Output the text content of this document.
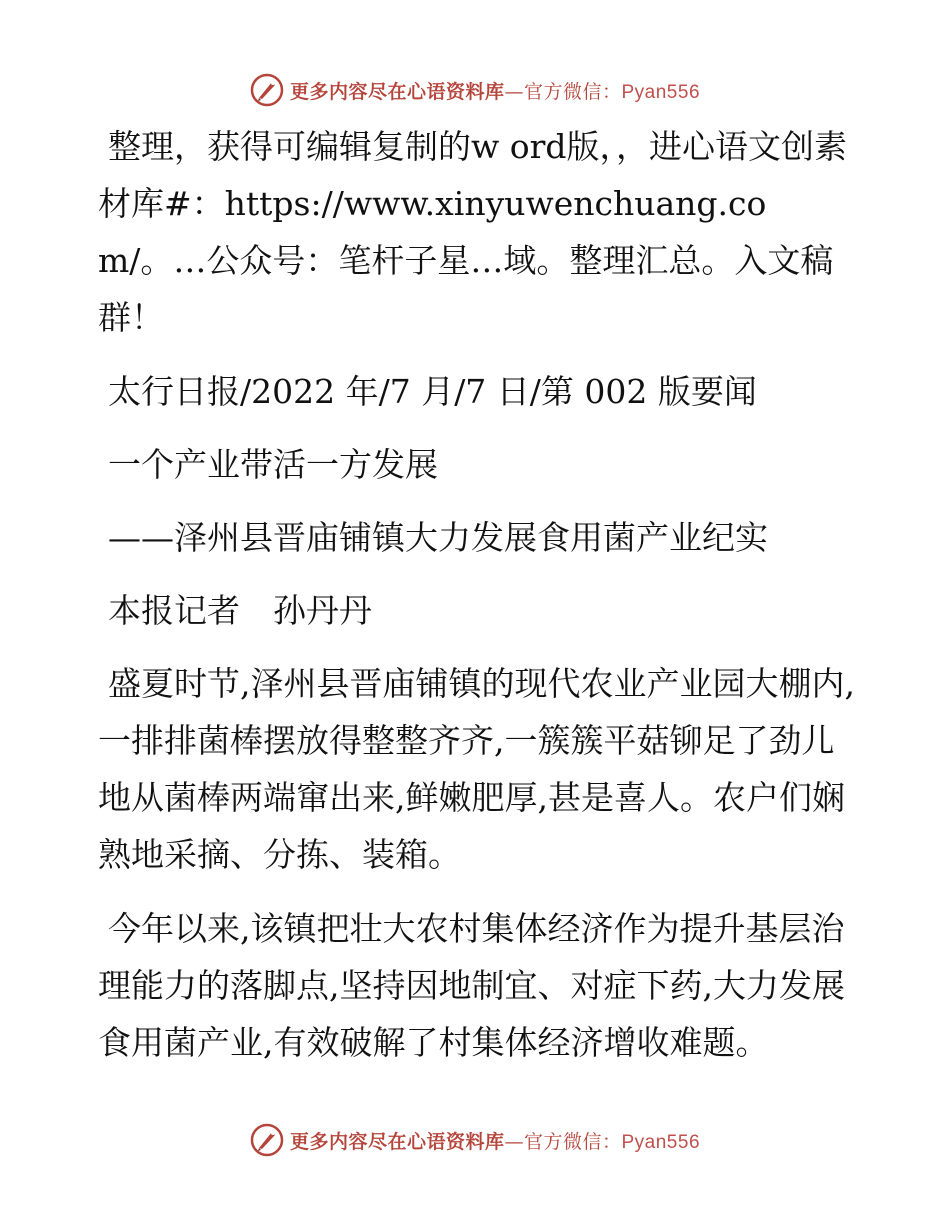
更多内容尽在心语资料库—官方微信：Pyan556

整理，获得可编辑复制的w ord版，，进心语文创素材库#：https://www.xinyuwenchuang.com/。…公众号：笔杆子星…域。整理汇总。入文稿群！

太行日报/2022 年/7 月/7 日/第 002 版要闻

一个产业带活一方发展

——泽州县晋庙铺镇大力发展食用菌产业纪实

本报记者　孙丹丹

盛夏时节,泽州县晋庙铺镇的现代农业产业园大棚内,一排排菌棒摆放得整整齐齐,一簇簇平菇铆足了劲儿地从菌棒两端窜出来,鲜嫩肥厚,甚是喜人。农户们娴熟地采摘、分拣、装箱。

今年以来,该镇把壮大农村集体经济作为提升基层治理能力的落脚点,坚持因地制宜、对症下药,大力发展食用菌产业,有效破解了村集体经济增收难题。

更多内容尽在心语资料库—官方微信：Pyan556
